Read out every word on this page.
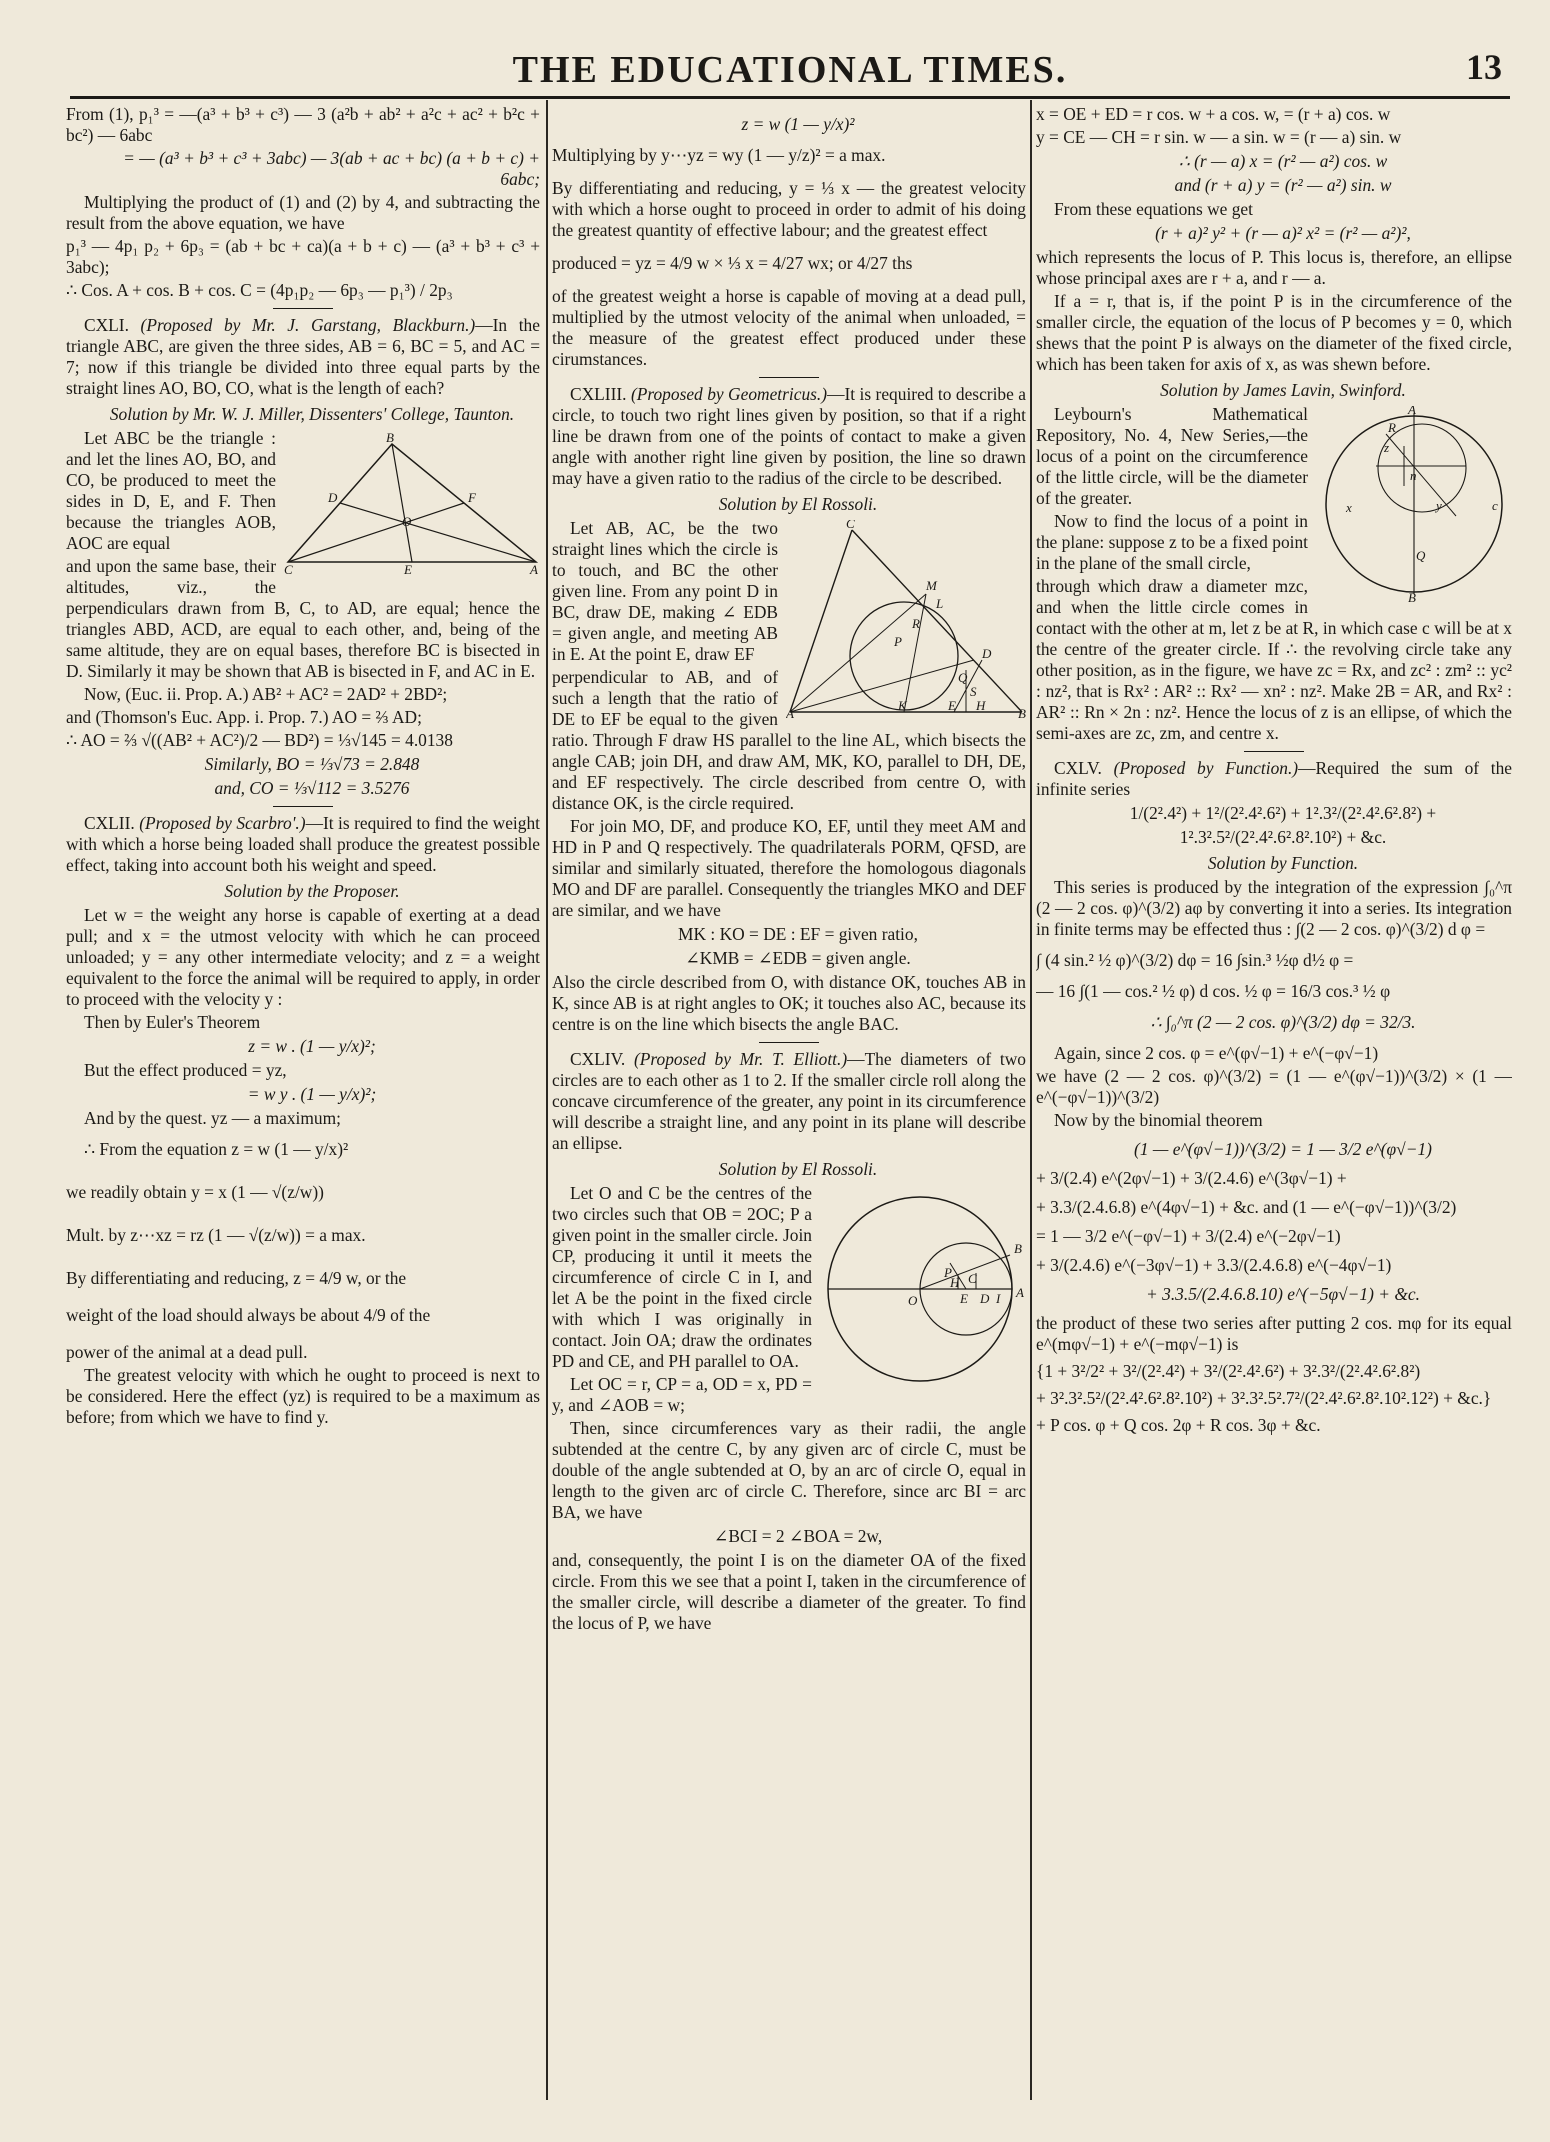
THE EDUCATIONAL TIMES.	13

From (1), p₁³ = —(a³ + b³ + c³) — 3 (a²b + ab² + a²c + ac² + b²c + bc²) — 6abc

= — (a³ + b³ + c³ + 3abc) — 3(ab + ac + bc) (a + b + c) + 6abc;

Multiplying the product of (1) and (2) by 4, and subtracting the result from the above equation, we have

p₁³ — 4p₁ p₂ + 6p₃ = (ab + bc + ca)(a + b + c) — (a³ + b³ + c³ + 3abc);

∴ Cos. A + cos. B + cos. C = (4p₁p₂ — 6p₃ — p₁³) / 2p₃

CXLI. (Proposed by Mr. J. Garstang, Blackburn.)—In the triangle ABC, are given the three sides, AB = 6, BC = 5, and AC = 7; now if this triangle be divided into three equal parts by the straight lines AO, BO, CO, what is the length of each?

Solution by Mr. W. J. Miller, Dissenters' College, Taunton.

B
C	A
D	F
E
O

Let ABC be the triangle : and let the lines AO, BO, and CO, be produced to meet the sides in D, E, and F. Then because the triangles AOB, AOC are equal

and upon the same base, their altitudes, viz., the perpendiculars drawn from B, C, to AD, are equal; hence the triangles ABD, ACD, are equal to each other, and, being of the same altitude, they are on equal bases, therefore BC is bisected in D. Similarly it may be shown that AB is bisected in F, and AC in E.

Now, (Euc. ii. Prop. A.) AB² + AC² = 2AD² + 2BD²;

and (Thomson's Euc. App. i. Prop. 7.) AO = ⅔ AD;

∴ AO = ⅔ √((AB² + AC²)/2 — BD²) = ⅓√145 = 4.0138

Similarly, BO = ⅓√73 = 2.848

and, CO = ⅓√112 = 3.5276

CXLII. (Proposed by Scarbro'.)—It is required to find the weight with which a horse being loaded shall produce the greatest possible effect, taking into account both his weight and speed.

Solution by the Proposer.

Let w = the weight any horse is capable of exerting at a dead pull; and x = the utmost velocity with which he can proceed unloaded; y = any other intermediate velocity; and z = a weight equivalent to the force the animal will be required to apply, in order to proceed with the velocity y :

Then by Euler's Theorem

z = w . (1 — y/x)²;

But the effect produced = yz,

= w y . (1 — y/x)²;

And by the quest. yz — a maximum;

∴ From the equation z = w (1 — y/x)²

we readily obtain y = x (1 — √(z/w))

Mult. by z⋯xz = rz (1 — √(z/w)) = a max.

By differentiating and reducing, z = 4/9 w, or the

weight of the load should always be about 4/9 of the

power of the animal at a dead pull.

The greatest velocity with which he ought to proceed is next to be considered. Here the effect (yz) is required to be a maximum as before; from which we have to find y.

z = w (1 — y/x)²

Multiplying by y⋯yz = wy (1 — y/z)² = a max.

By differentiating and reducing, y = ⅓ x — the greatest velocity with which a horse ought to proceed in order to admit of his doing the greatest quantity of effective labour; and the greatest effect

produced = yz = 4/9 w × ⅓ x = 4/27 wx; or 4/27 ths

of the greatest weight a horse is capable of moving at a dead pull, multiplied by the utmost velocity of the animal when unloaded, = the measure of the greatest effect produced under these cirumstances.

CXLIII. (Proposed by Geometricus.)—It is required to describe a circle, to touch two right lines given by position, so that if a right line be drawn from one of the points of contact to make a given angle with another right line given by position, the line so drawn may have a given ratio to the radius of the circle to be described.

Solution by El Rossoli.

A	B
C
M
L
P
R
D
Q
S
K	E H

Let AB, AC, be the two straight lines which the circle is to touch, and BC the other given line. From any point D in BC, draw DE, making ∠ EDB = given angle, and meeting AB in E. At the point E, draw EF

perpendicular to AB, and of such a length that the ratio of DE to EF be equal to the given ratio. Through F draw HS parallel to the line AL, which bisects the angle CAB; join DH, and draw AM, MK, KO, parallel to DH, DE, and EF respectively. The circle described from centre O, with distance OK, is the circle required.

For join MO, DF, and produce KO, EF, until they meet AM and HD in P and Q respectively. The quadrilaterals PORM, QFSD, are similar and similarly situated, therefore the homologous diagonals MO and DF are parallel. Consequently the triangles MKO and DEF are similar, and we have

MK : KO = DE : EF = given ratio,

∠KMB = ∠EDB = given angle.

Also the circle described from O, with distance OK, touches AB in K, since AB is at right angles to OK; it touches also AC, because its centre is on the line which bisects the angle BAC.

CXLIV. (Proposed by Mr. T. Elliott.)—The diameters of two circles are to each other as 1 to 2. If the smaller circle roll along the concave circumference of the greater, any point in its circumference will describe a straight line, and any point in its plane will describe an ellipse.

Solution by El Rossoli.

O
C
B
A
P
E D I
H

Let O and C be the centres of the two circles such that OB = 2OC; P a given point in the smaller circle. Join CP, producing it until it meets the circumference of circle C in I, and let A be the point in the fixed circle with which I was originally in contact. Join OA; draw the ordinates PD and CE, and PH parallel to OA.

Let OC = r, CP = a, OD = x, PD = y, and ∠AOB = w;

Then, since circumferences vary as their radii, the angle subtended at the centre C, by any given arc of circle C, must be double of the angle subtended at O, by an arc of circle O, equal in length to the given arc of circle C. Therefore, since arc BI = arc BA, we have

∠BCI = 2 ∠BOA = 2w,

and, consequently, the point I is on the diameter OA of the fixed circle. From this we see that a point I, taken in the circumference of the smaller circle, will describe a diameter of the greater. To find the locus of P, we have

x = OE + ED = r cos. w + a cos. w, = (r + a) cos. w

y = CE — CH = r sin. w — a sin. w = (r — a) sin. w

∴ (r — a) x = (r² — a²) cos. w

and (r + a) y = (r² — a²) sin. w

From these equations we get

(r + a)² y² + (r — a)² x² = (r² — a²)²,

which represents the locus of P. This locus is, therefore, an ellipse whose principal axes are r + a, and r — a.

If a = r, that is, if the point P is in the circumference of the smaller circle, the equation of the locus of P becomes y = 0, which shews that the point P is always on the diameter of the fixed circle, which has been taken for axis of x, as was shewn before.

Solution by James Lavin, Swinford.

A
B
R
z
x	y	c
n
Q

Leybourn's Mathematical Repository, No. 4, New Series,—the locus of a point on the circumference of the little circle, will be the diameter of the greater.

Now to find the locus of a point in the plane: suppose z to be a fixed point in the plane of the small circle,

through which draw a diameter mzc, and when the little circle comes in contact with the other at m, let z be at R, in which case c will be at x the centre of the greater circle. If ∴ the revolving circle take any other position, as in the figure, we have zc = Rx, and zc² : zm² :: yc² : nz², that is Rx² : AR² :: Rx² — xn² : nz². Make 2B = AR, and Rx² : AR² :: Rn × 2n : nz². Hence the locus of z is an ellipse, of which the semi-axes are zc, zm, and centre x.

CXLV. (Proposed by Function.)—Required the sum of the infinite series

1/(2².4²) + 1²/(2².4².6²) + 1².3²/(2².4².6².8²) +

1².3².5²/(2².4².6².8².10²) + &c.

Solution by Function.

This series is produced by the integration of the expression ∫₀^π (2 — 2 cos. φ)^(3/2) aφ by converting it into a series. Its integration in finite terms may be effected thus : ∫(2 — 2 cos. φ)^(3/2) d φ =

∫ (4 sin.² ½ φ)^(3/2) dφ = 16 ∫sin.³ ½φ d½ φ =

— 16 ∫(1 — cos.² ½ φ) d cos. ½ φ = 16/3 cos.³ ½ φ

∴ ∫₀^π (2 — 2 cos. φ)^(3/2) dφ = 32/3.

Again, since 2 cos. φ = e^(φ√−1) + e^(−φ√−1)

we have (2 — 2 cos. φ)^(3/2) = (1 — e^(φ√−1))^(3/2) × (1 — e^(−φ√−1))^(3/2)

Now by the binomial theorem

(1 — e^(φ√−1))^(3/2) = 1 — 3/2 e^(φ√−1)

+ 3/(2.4) e^(2φ√−1) + 3/(2.4.6) e^(3φ√−1) +

+ 3.3/(2.4.6.8) e^(4φ√−1) + &c. and (1 — e^(−φ√−1))^(3/2)

= 1 — 3/2 e^(−φ√−1) + 3/(2.4) e^(−2φ√−1)

+ 3/(2.4.6) e^(−3φ√−1) + 3.3/(2.4.6.8) e^(−4φ√−1)

+ 3.3.5/(2.4.6.8.10) e^(−5φ√−1) + &c.

the product of these two series after putting 2 cos. mφ for its equal e^(mφ√−1) + e^(−mφ√−1) is

{1 + 3²/2² + 3²/(2².4²) + 3²/(2².4².6²) + 3².3²/(2².4².6².8²)

+ 3².3².5²/(2².4².6².8².10²) + 3².3².5².7²/(2².4².6².8².10².12²) + &c.}

+ P cos. φ + Q cos. 2φ + R cos. 3φ + &c.
